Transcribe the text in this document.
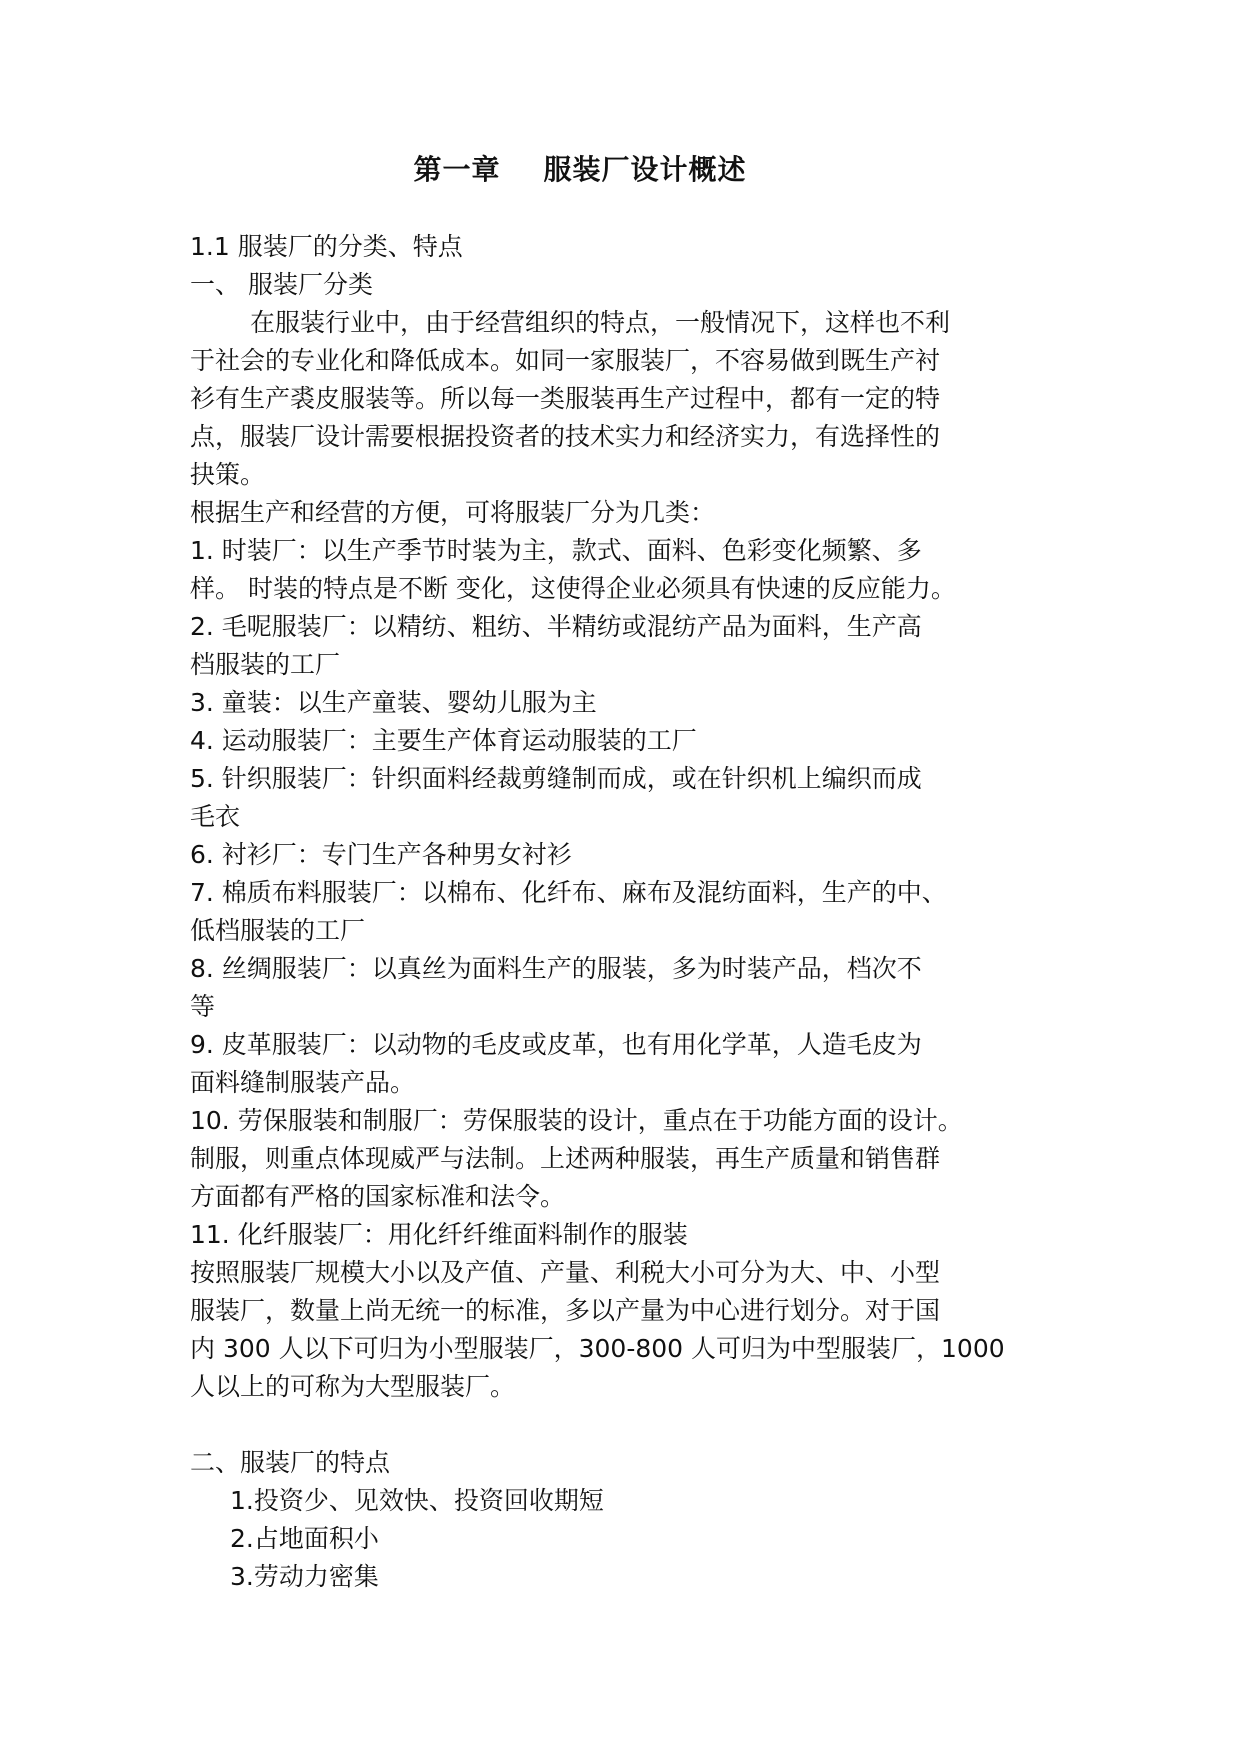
第一章    服装厂设计概述

1.1 服装厂的分类、特点

一、 服装厂分类

在服装行业中，由于经营组织的特点，一般情况下，这样也不利

于社会的专业化和降低成本。如同一家服装厂，不容易做到既生产衬

衫有生产裘皮服装等。所以每一类服装再生产过程中，都有一定的特

点，服装厂设计需要根据投资者的技术实力和经济实力，有选择性的

抉策。

根据生产和经营的方便，可将服装厂分为几类：

1. 时装厂：以生产季节时装为主，款式、面料、色彩变化频繁、多

样。 时装的特点是不断 变化，这使得企业必须具有快速的反应能力。

2. 毛呢服装厂：以精纺、粗纺、半精纺或混纺产品为面料，生产高

档服装的工厂

3. 童装：以生产童装、婴幼儿服为主

4. 运动服装厂：主要生产体育运动服装的工厂

5. 针织服装厂：针织面料经裁剪缝制而成，或在针织机上编织而成

毛衣

6. 衬衫厂：专门生产各种男女衬衫

7. 棉质布料服装厂：以棉布、化纤布、麻布及混纺面料，生产的中、

低档服装的工厂

8. 丝绸服装厂：以真丝为面料生产的服装，多为时装产品，档次不

等

9. 皮革服装厂：以动物的毛皮或皮革，也有用化学革，人造毛皮为

面料缝制服装产品。

10. 劳保服装和制服厂：劳保服装的设计，重点在于功能方面的设计。

制服，则重点体现威严与法制。上述两种服装，再生产质量和销售群

方面都有严格的国家标准和法令。

11. 化纤服装厂：用化纤纤维面料制作的服装

按照服装厂规模大小以及产值、产量、利税大小可分为大、中、小型

服装厂，数量上尚无统一的标准，多以产量为中心进行划分。对于国

内 300 人以下可归为小型服装厂，300-800 人可归为中型服装厂，1000

人以上的可称为大型服装厂。

二、服装厂的特点

1.投资少、见效快、投资回收期短

2.占地面积小

3.劳动力密集
